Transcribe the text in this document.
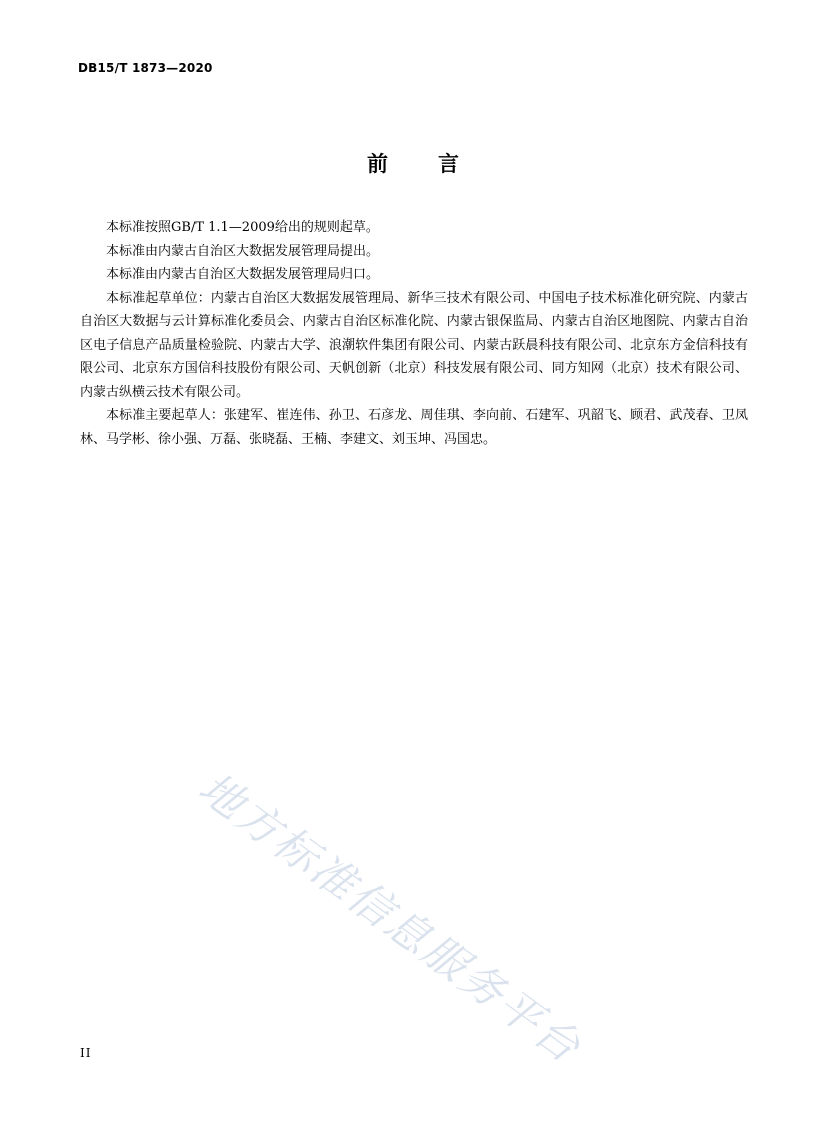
DB15/T 1873—2020
前言

本标准按照GB/T 1.1—2009给出的规则起草。

本标准由内蒙古自治区大数据发展管理局提出。

本标准由内蒙古自治区大数据发展管理局归口。

本标准起草单位：内蒙古自治区大数据发展管理局、新华三技术有限公司、中国电子技术标准化研究院、内蒙古自治区大数据与云计算标准化委员会、内蒙古自治区标准化院、内蒙古银保监局、内蒙古自治区地图院、内蒙古自治区电子信息产品质量检验院、内蒙古大学、浪潮软件集团有限公司、内蒙古跃晨科技有限公司、北京东方金信科技有限公司、北京东方国信科技股份有限公司、天帆创新（北京）科技发展有限公司、同方知网（北京）技术有限公司、内蒙古纵横云技术有限公司。

本标准主要起草人：张建军、崔连伟、孙卫、石彦龙、周佳琪、李向前、石建军、巩韶飞、顾君、武茂春、卫凤林、马学彬、徐小强、万磊、张晓磊、王楠、李建文、刘玉坤、冯国忠。

地方标准信息服务平台
II
